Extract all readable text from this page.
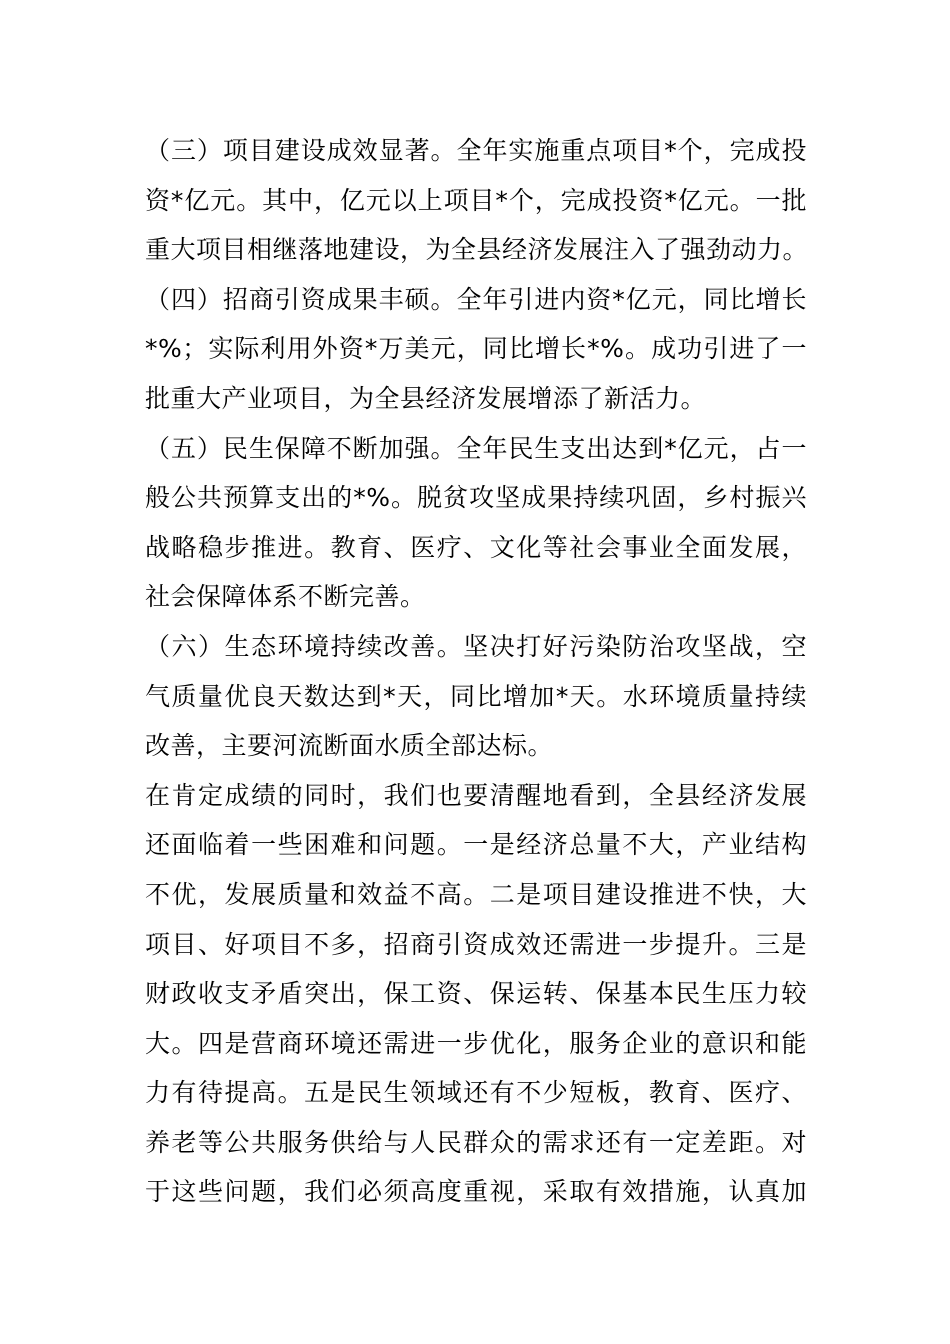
（三）项目建设成效显著。全年实施重点项目*个，完成投
资*亿元。其中，亿元以上项目*个，完成投资*亿元。一批
重大项目相继落地建设，为全县经济发展注入了强劲动力。
（四）招商引资成果丰硕。全年引进内资*亿元，同比增长
*%；实际利用外资*万美元，同比增长*%。成功引进了一
批重大产业项目，为全县经济发展增添了新活力。
（五）民生保障不断加强。全年民生支出达到*亿元，占一
般公共预算支出的*%。脱贫攻坚成果持续巩固，乡村振兴
战略稳步推进。教育、医疗、文化等社会事业全面发展，
社会保障体系不断完善。
（六）生态环境持续改善。坚决打好污染防治攻坚战，空
气质量优良天数达到*天，同比增加*天。水环境质量持续
改善，主要河流断面水质全部达标。
在肯定成绩的同时，我们也要清醒地看到，全县经济发展
还面临着一些困难和问题。一是经济总量不大，产业结构
不优，发展质量和效益不高。二是项目建设推进不快，大
项目、好项目不多，招商引资成效还需进一步提升。三是
财政收支矛盾突出，保工资、保运转、保基本民生压力较
大。四是营商环境还需进一步优化，服务企业的意识和能
力有待提高。五是民生领域还有不少短板，教育、医疗、
养老等公共服务供给与人民群众的需求还有一定差距。对
于这些问题，我们必须高度重视，采取有效措施，认真加
